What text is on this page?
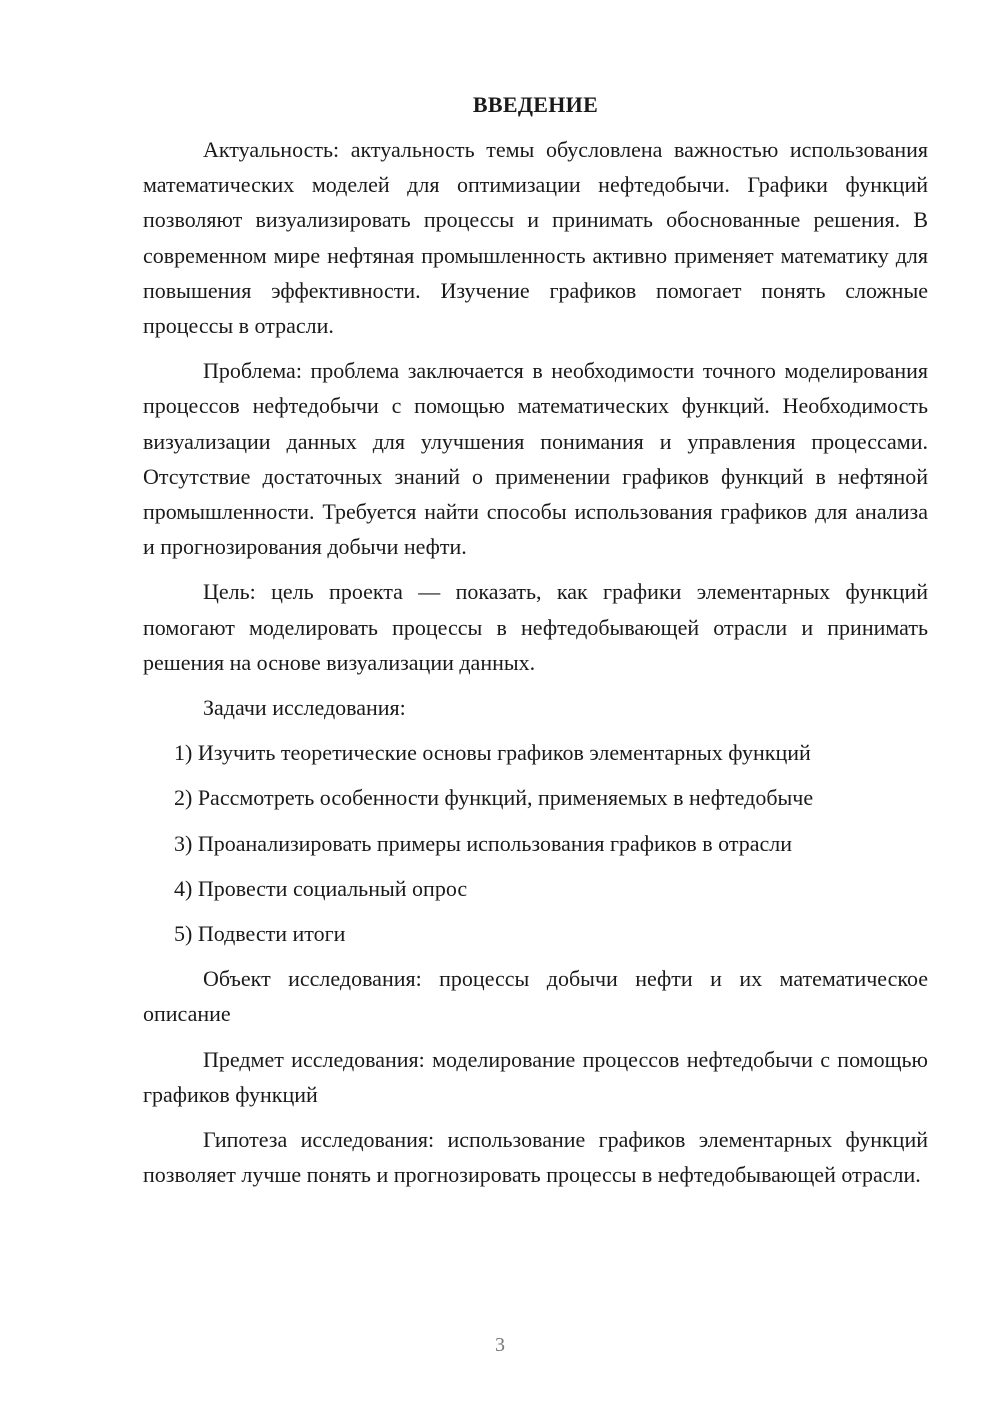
ВВЕДЕНИЕ

Актуальность: актуальность темы обусловлена важностью использования математических моделей для оптимизации нефтедобычи. Графики функций позволяют визуализировать процессы и принимать обоснованные решения. В современном мире нефтяная промышленность активно применяет математику для повышения эффективности. Изучение графиков помогает понять сложные процессы в отрасли.

Проблема: проблема заключается в необходимости точного моделирования процессов нефтедобычи с помощью математических функций. Необходимость визуализации данных для улучшения понимания и управления процессами. Отсутствие достаточных знаний о применении графиков функций в нефтяной промышленности. Требуется найти способы использования графиков для анализа и прогнозирования добычи нефти.

Цель: цель проекта — показать, как графики элементарных функций помогают моделировать процессы в нефтедобывающей отрасли и принимать решения на основе визуализации данных.

Задачи исследования:
1) Изучить теоретические основы графиков элементарных функций
2) Рассмотреть особенности функций, применяемых в нефтедобыче
3) Проанализировать примеры использования графиков в отрасли
4) Провести социальный опрос
5) Подвести итоги

Объект исследования: процессы добычи нефти и их математическое описание

Предмет исследования: моделирование процессов нефтедобычи с помощью графиков функций

Гипотеза исследования: использование графиков элементарных функций позволяет лучше понять и прогнозировать процессы в нефтедобывающей отрасли.

3
